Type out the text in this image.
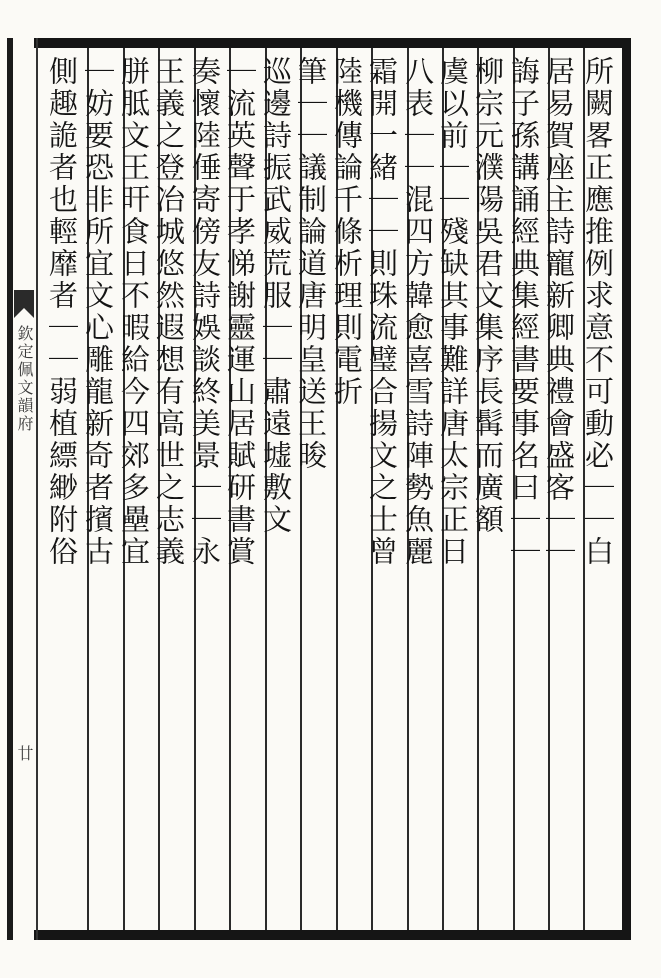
欽定佩文韻府
廿
所闕畧正應推例求意不可動必｜｜白
居易賀座主詩寵新卿典禮會盛客｜｜
誨子孫講誦經典集經書要事名曰｜｜
柳宗元濮陽吳君文集序長髯而廣額
虞以前｜｜殘缺其事難詳唐太宗正日
八表｜｜混四方韓愈喜雪詩陣勢魚麗
霜開一緒｜｜則珠流璧合揚文之士曾
陸機傳論千條析理則電折
筆｜｜議制論道唐明皇送王晙
巡邊詩振武威荒服｜｜肅遠墟敷文
｜流英聲于孝悌謝靈運山居賦研書賞
奏懷陸倕寄傍友詩娛談終美景｜｜永
王義之登冶城悠然遐想有高世之志義
胼胝文王旰食日不暇給今四郊多壘宜
｜妨要恐非所宜文心雕龍新奇者擯古
側趣詭者也輕靡者｜｜弱植縹緲附俗
